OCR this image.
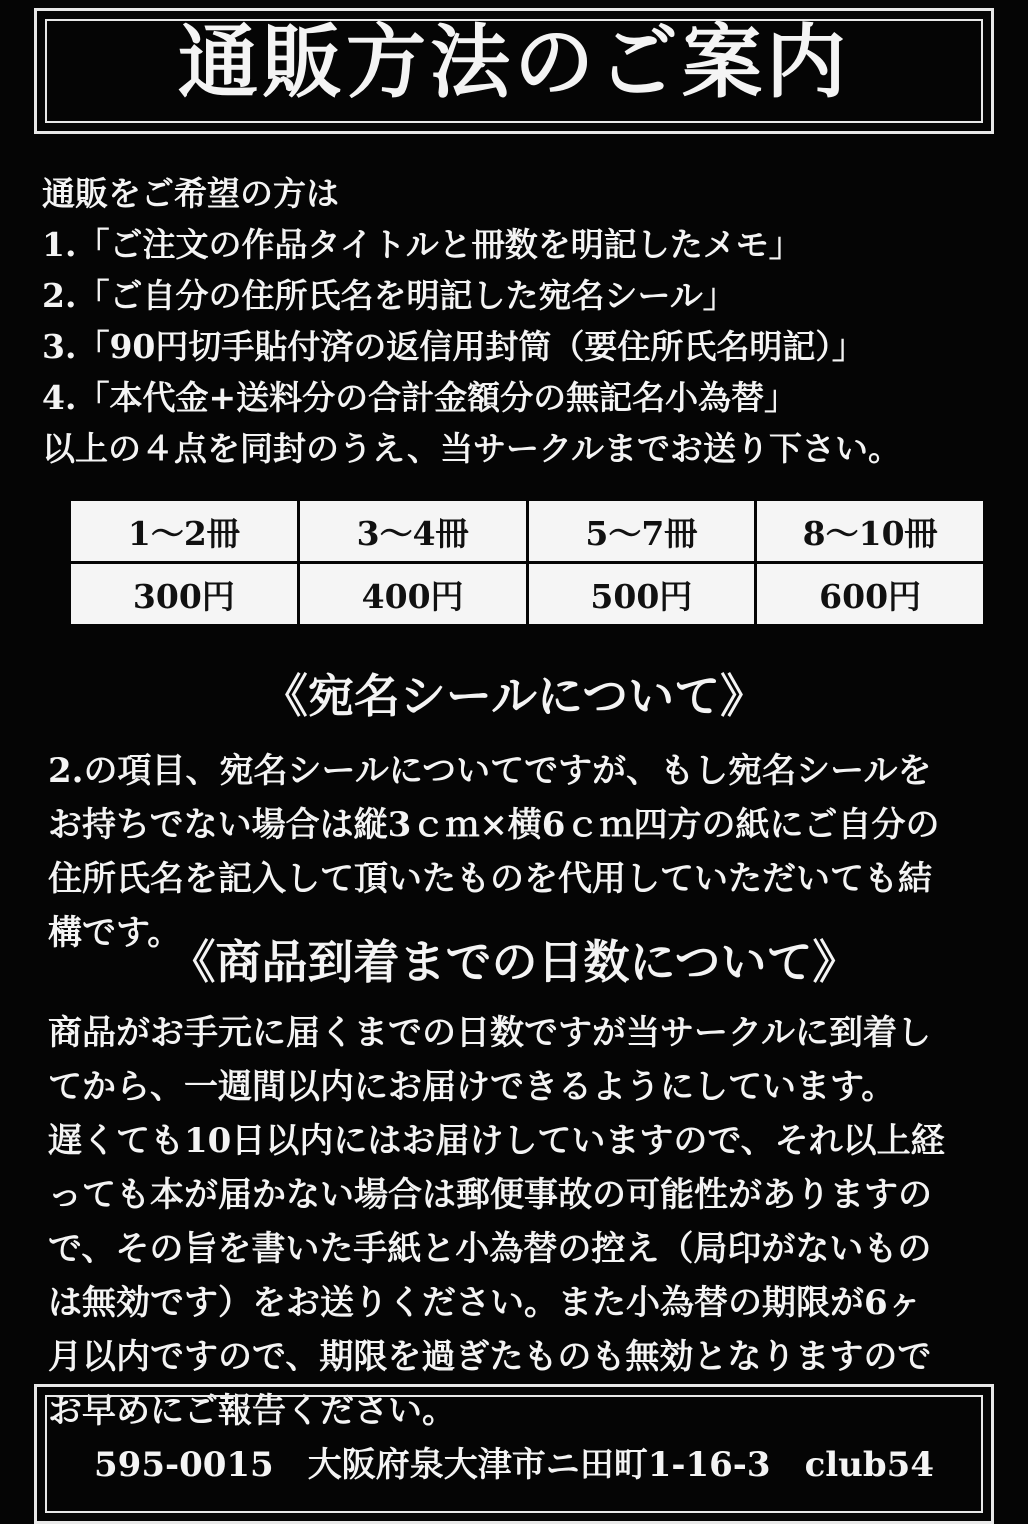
通販方法のご案内
通販をご希望の方は
1.「ご注文の作品タイトルと冊数を明記したメモ」
2.「ご自分の住所氏名を明記した宛名シール」
3.「90円切手貼付済の返信用封筒（要住所氏名明記）」
4.「本代金+送料分の合計金額分の無記名小為替」
以上の４点を同封のうえ、当サークルまでお送り下さい。
1～2冊	3～4冊	5～7冊	8～10冊
300円	400円	500円	600円
《宛名シールについて》
2.の項目、宛名シールについてですが、もし宛名シールを
お持ちでない場合は縦3ｃｍ×横6ｃｍ四方の紙にご自分の
住所氏名を記入して頂いたものを代用していただいても結
構です。
《商品到着までの日数について》
商品がお手元に届くまでの日数ですが当サークルに到着し
てから、一週間以内にお届けできるようにしています。
遅くても10日以内にはお届けしていますので、それ以上経
っても本が届かない場合は郵便事故の可能性がありますの
で、その旨を書いた手紙と小為替の控え（局印がないもの
は無効です）をお送りください。また小為替の期限が6ヶ
月以内ですので、期限を過ぎたものも無効となりますので
お早めにご報告ください。
595-0015　大阪府泉大津市ニ田町1-16-3　club54
